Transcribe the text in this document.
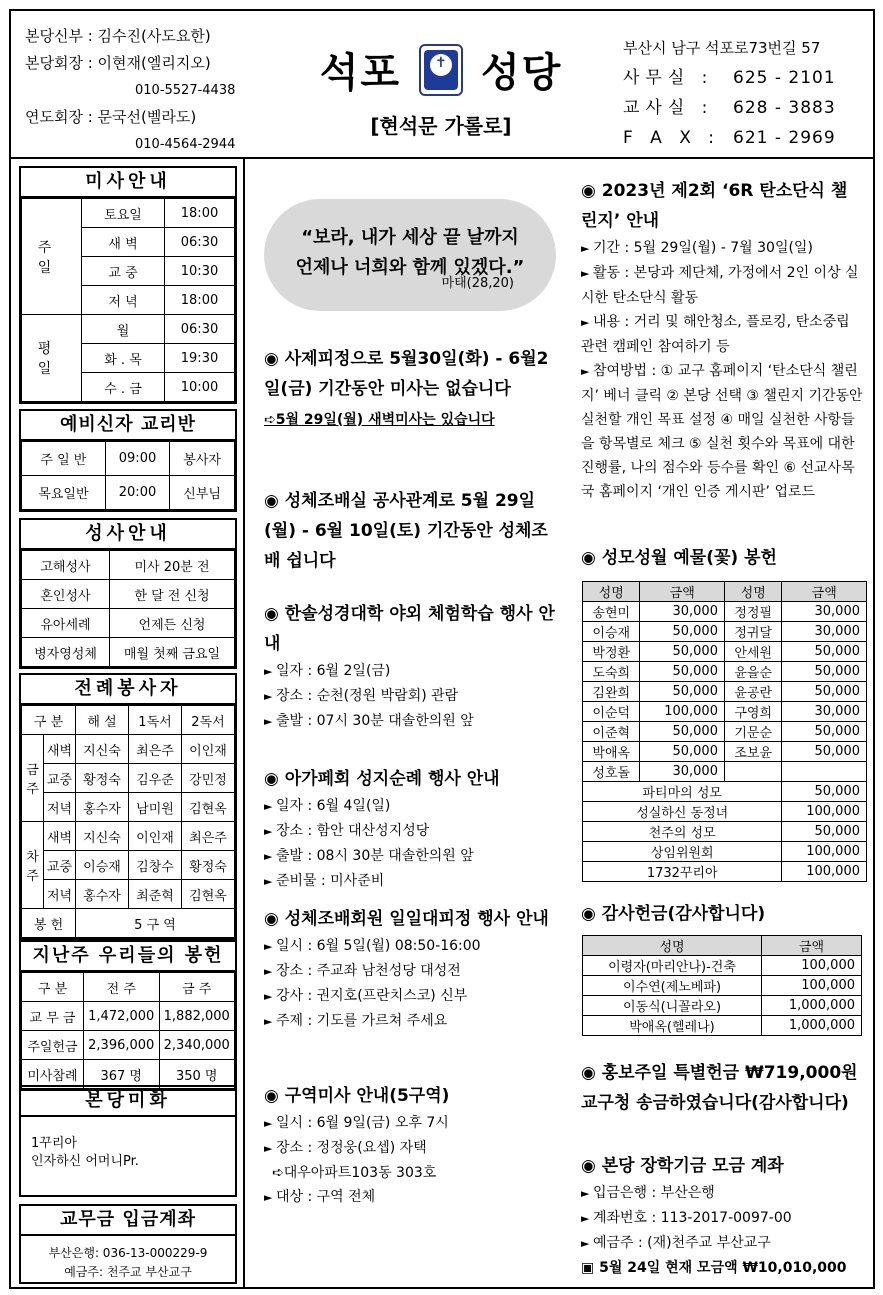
본당신부 : 김수진(사도요한)
본당회장 : 이현재(엘리지오)
010-5527-4438
연도회장 : 문국선(벨라도)
010-4564-2944
석포
✝ 성당
[현석문 가롤로]
부산시 남구 석포로73번길 57
사무실 : 625 - 2101
교사실 : 628 - 3883
F A X : 621 - 2969
미사안내
주 일	토요일	18:00
	새 벽	06:30
	교 중	10:30
	저 녁	18:00
평 일	월	06:30
	화 . 목	19:30
	수 . 금	10:00
예비신자 교리반
주 일 반	09:00	봉사자
목요일반	20:00	신부님
성사안내
고해성사	미사 20분 전
혼인성사	한 달 전 신청
유아세례	언제든 신청
병자영성체	매월 첫째 금요일
전례봉사자
구 분		해 설	1독서	2독서
금주	새벽	지신숙	최은주	이인재
	교중	황정숙	김우준	강민정
	저녁	홍수자	남미원	김현옥
차주	새벽	지신숙	이인재	최은주
	교중	이승재	김창수	황정숙
	저녁	홍수자	최준혁	김현옥
봉 헌		5 구 역		
지난주 우리들의 봉헌
구 분	전 주	금 주
교 무 금	1,472,000	1,882,000
주일헌금	2,396,000	2,340,000
미사참례	367 명	350 명
본당미화
1꾸리아
인자하신 어머니Pr.
교무금 입금계좌
부산은행: 036-13-000229-9
예금주: 천주교 부산교구
“보라, 내가 세상 끝 날까지
언제나 너희와 함께 있겠다.”
마태(28,20)
◉ 사제피정으로 5월30일(화) - 6월2일(금) 기간동안 미사는 없습니다
➪5월 29일(월) 새벽미사는 있습니다
◉ 성체조배실 공사관계로 5월 29일(월) - 6월 10일(토) 기간동안 성체조배 쉽니다
◉ 한솔성경대학 야외 체험학습 행사 안내
► 일자 : 6월 2일(금)
► 장소 : 순천(정원 박람회) 관람
► 출발 : 07시 30분 대솔한의원 앞
◉ 아가페회 성지순례 행사 안내
► 일자 : 6월 4일(일)
► 장소 : 함안 대산성지성당
► 출발 : 08시 30분 대솔한의원 앞
► 준비물 : 미사준비
◉ 성체조배회원 일일대피정 행사 안내
► 일시 : 6월 5일(월) 08:50-16:00
► 장소 : 주교좌 남천성당 대성전
► 강사 : 권지호(프란치스코) 신부
► 주제 : 기도를 가르쳐 주세요
◉ 구역미사 안내(5구역)
► 일시 : 6월 9일(금) 오후 7시
► 장소 : 정정웅(요셉) 자택
➪대우아파트103동 303호
► 대상 : 구역 전체
◉ 2023년 제2회 ‘6R 탄소단식 챌린지’ 안내
► 기간 : 5월 29일(월) - 7월 30일(일)
► 활동 : 본당과 제단체, 가정에서 2인 이상 실시한 탄소단식 활동
► 내용 : 거리 및 해안청소, 플로킹, 탄소중립 관련 캠페인 참여하기 등
► 참여방법 : ① 교구 홈페이지 ‘탄소단식 챌린지’ 베너 클릭 ② 본당 선택 ③ 챌린지 기간동안 실천할 개인 목표 설정 ④ 매일 실천한 사항들을 항목별로 체크 ⑤ 실천 횟수와 목표에 대한 진행률, 나의 점수와 등수를 확인 ⑥ 선교사목국 홈페이지 ‘개인 인증 게시판’ 업로드
◉ 성모성월 예물(꽃) 봉헌
성명	금액	성명	금액
송현미	30,000	정정필	30,000
이승재	50,000	정귀달	30,000
박정환	50,000	안세원	50,000
도숙희	50,000	윤을순	50,000
김완희	50,000	윤공란	50,000
이순덕	100,000	구영희	30,000
이준혁	50,000	기문순	50,000
박애옥	50,000	조보윤	50,000
성호돌	30,000		
파티마의 성모			50,000
성실하신 동정녀			100,000
천주의 성모			50,000
상임위원회			100,000
1732꾸리아			100,000
◉ 감사헌금(감사합니다)
성명	금액
이령자(마리안나)-건축	100,000
이수연(제노베파)	100,000
이동식(니꼴라오)	1,000,000
박애옥(헬레나)	1,000,000
◉ 홍보주일 특별헌금 ₩719,000원 교구청 송금하였습니다(감사합니다)
◉ 본당 장학기금 모금 계좌
► 입금은행 : 부산은행
► 계좌번호 : 113-2017-0097-00
► 예금주 : (재)천주교 부산교구
▣ 5월 24일 현재 모금액 ₩10,010,000
